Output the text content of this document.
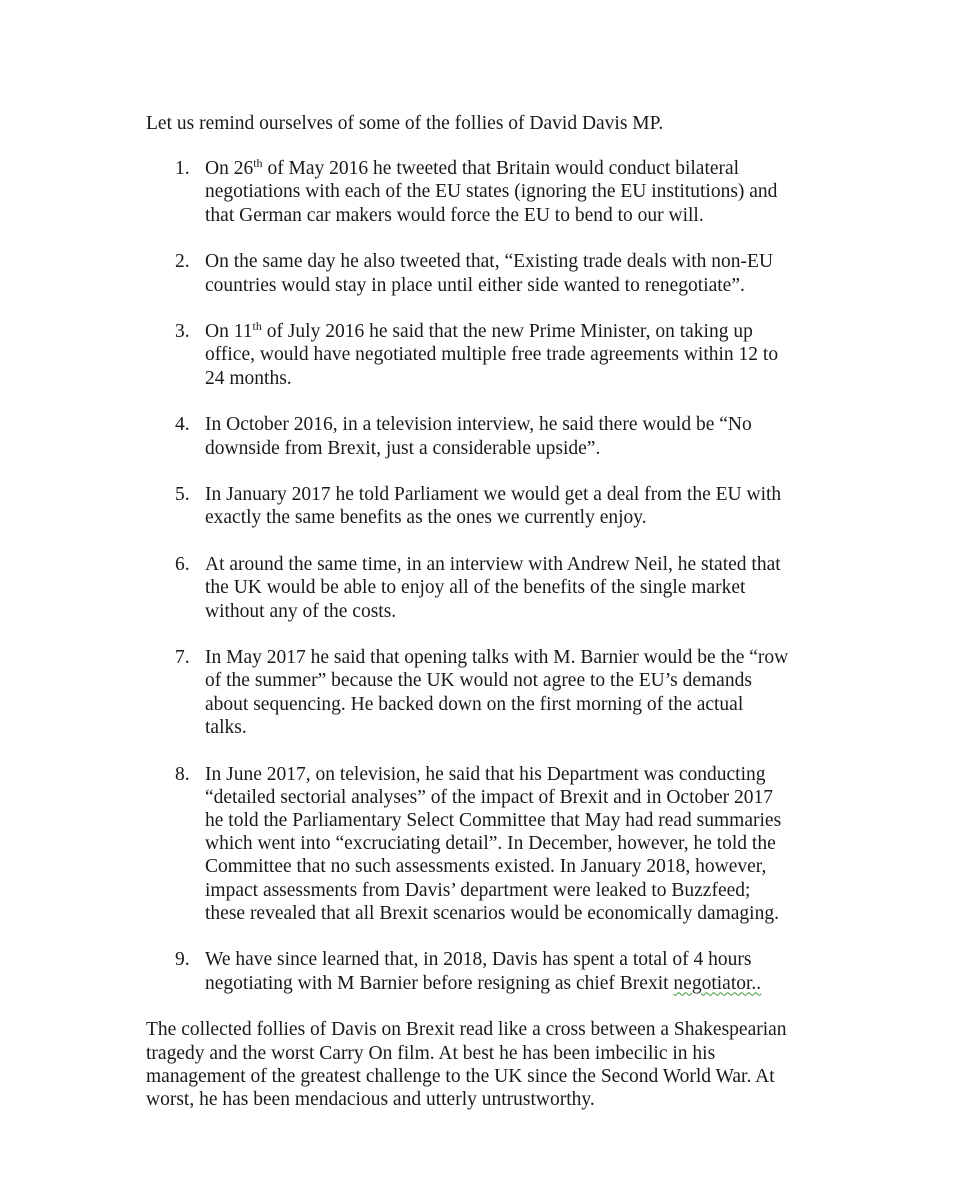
Let us remind ourselves of some of the follies of David Davis MP.

1. On 26th of May 2016 he tweeted that Britain would conduct bilateral
negotiations with each of the EU states (ignoring the EU institutions) and
that German car makers would force the EU to bend to our will.
2. On the same day he also tweeted that, “Existing trade deals with non-EU
countries would stay in place until either side wanted to renegotiate”.
3. On 11th of July 2016 he said that the new Prime Minister, on taking up
office, would have negotiated multiple free trade agreements within 12 to
24 months.
4. In October 2016, in a television interview, he said there would be “No
downside from Brexit, just a considerable upside”.
5. In January 2017 he told Parliament we would get a deal from the EU with
exactly the same benefits as the ones we currently enjoy.
6. At around the same time, in an interview with Andrew Neil, he stated that
the UK would be able to enjoy all of the benefits of the single market
without any of the costs.
7. In May 2017 he said that opening talks with M. Barnier would be the “row
of the summer” because the UK would not agree to the EU’s demands
about sequencing. He backed down on the first morning of the actual
talks.
8. In June 2017, on television, he said that his Department was conducting
“detailed sectorial analyses” of the impact of Brexit and in October 2017
he told the Parliamentary Select Committee that May had read summaries
which went into “excruciating detail”. In December, however, he told the
Committee that no such assessments existed. In January 2018, however,
impact assessments from Davis’ department were leaked to Buzzfeed;
these revealed that all Brexit scenarios would be economically damaging.
9. We have since learned that, in 2018, Davis has spent a total of 4 hours
negotiating with M Barnier before resigning as chief Brexit negotiator..

The collected follies of Davis on Brexit read like a cross between a Shakespearian
tragedy and the worst Carry On film. At best he has been imbecilic in his
management of the greatest challenge to the UK since the Second World War. At
worst, he has been mendacious and utterly untrustworthy.
